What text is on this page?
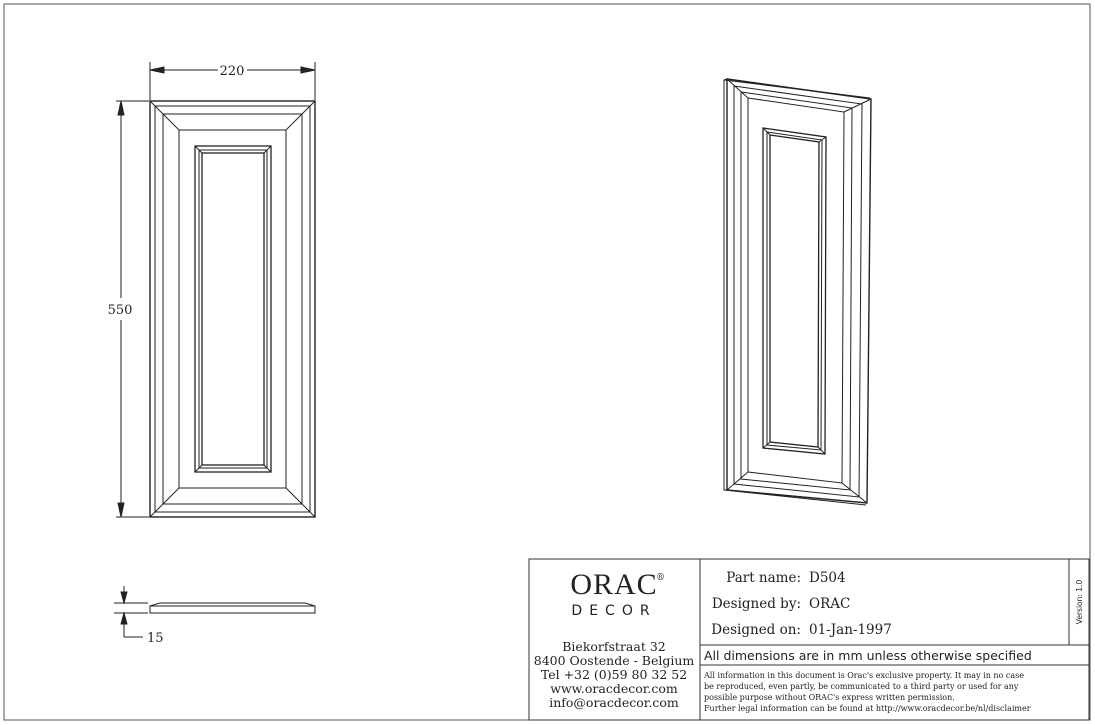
220
550
15
ORAC
®
DECOR
Biekorfstraat 32
8400 Oostende - Belgium
Tel +32 (0)59 80 32 52
www.oracdecor.com
info@oracdecor.com
Part name: D504
Designed by: ORAC
Designed on: 01-Jan-1997
Version: 1.0
All dimensions are in mm unless otherwise specified
All information in this document is Orac's exclusive property. It may in no case
be reproduced, even partly, be communicated to a third party or used for any
possible purpose without ORAC's express written permission.
Further legal information can be found at http://www.oracdecor.be/nl/disclaimer
